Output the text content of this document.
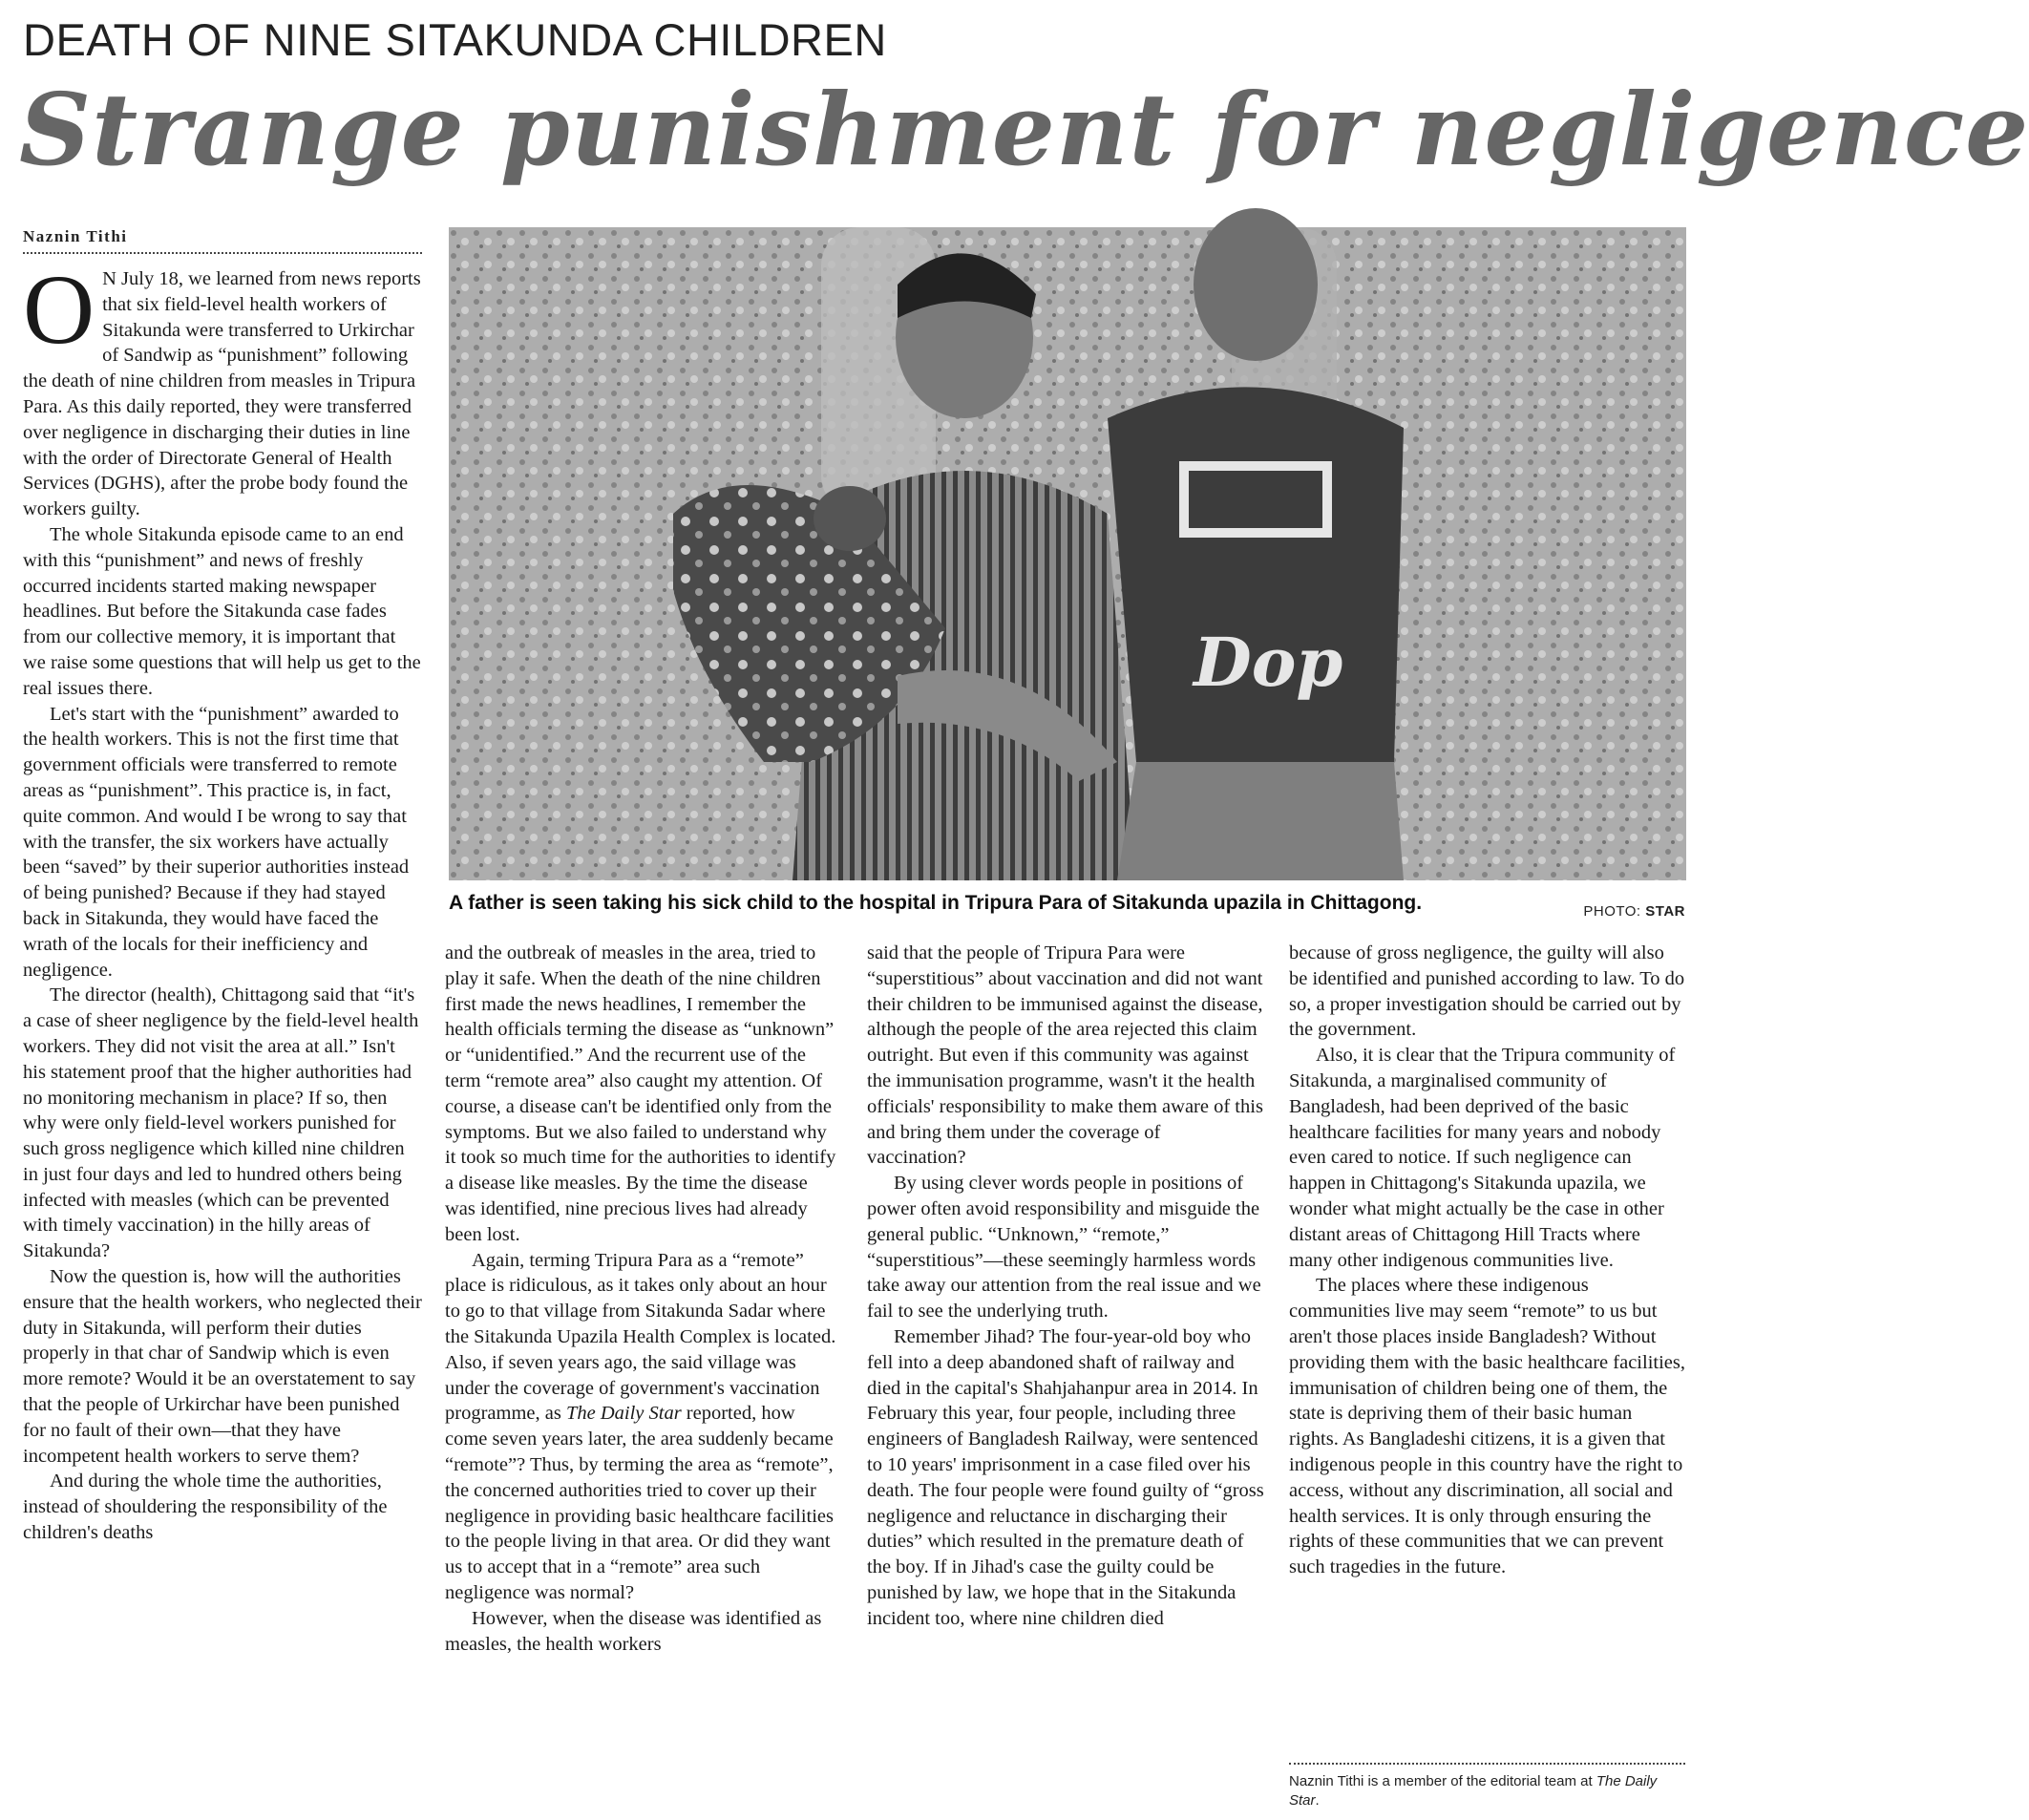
DEATH OF NINE SITAKUNDA CHILDREN
Strange punishment for negligence
Naznin Tithi
Dop
A father is seen taking his sick child to the hospital in Tripura Para of Sitakunda upazila in Chittagong.	PHOTO: STAR

O N July 18, we learned from news reports that six field-level health workers of Sitakunda were transferred to Urkirchar of Sandwip as “punishment” following the death of nine children from measles in Tripura Para. As this daily reported, they were transferred over negligence in discharging their duties in line with the order of Directorate General of Health Services (DGHS), after the probe body found the workers guilty.

The whole Sitakunda episode came to an end with this “punishment” and news of freshly occurred incidents started making newspaper headlines. But before the Sitakunda case fades from our collective memory, it is important that we raise some questions that will help us get to the real issues there.

Let's start with the “punishment” awarded to the health workers. This is not the first time that government officials were transferred to remote areas as “punishment”. This practice is, in fact, quite common. And would I be wrong to say that with the transfer, the six workers have actually been “saved” by their superior authorities instead of being punished? Because if they had stayed back in Sitakunda, they would have faced the wrath of the locals for their inefficiency and negligence.

The director (health), Chittagong said that “it's a case of sheer negligence by the field-level health workers. They did not visit the area at all.” Isn't his statement proof that the higher authorities had no monitoring mechanism in place? If so, then why were only field-level workers punished for such gross negligence which killed nine children in just four days and led to hundred others being infected with measles (which can be prevented with timely vaccination) in the hilly areas of Sitakunda?

Now the question is, how will the authorities ensure that the health workers, who neglected their duty in Sitakunda, will perform their duties properly in that char of Sandwip which is even more remote? Would it be an overstatement to say that the people of Urkirchar have been punished for no fault of their own—that they have incompetent health workers to serve them?

And during the whole time the authorities, instead of shouldering the responsibility of the children's deaths

and the outbreak of measles in the area, tried to play it safe. When the death of the nine children first made the news headlines, I remember the health officials terming the disease as “unknown” or “unidentified.” And the recurrent use of the term “remote area” also caught my attention. Of course, a disease can't be identified only from the symptoms. But we also failed to understand why it took so much time for the authorities to identify a disease like measles. By the time the disease was identified, nine precious lives had already been lost.

Again, terming Tripura Para as a “remote” place is ridiculous, as it takes only about an hour to go to that village from Sitakunda Sadar where the Sitakunda Upazila Health Complex is located. Also, if seven years ago, the said village was under the coverage of government's vaccination programme, as The Daily Star reported, how come seven years later, the area suddenly became “remote”? Thus, by terming the area as “remote”, the concerned authorities tried to cover up their negligence in providing basic healthcare facilities to the people living in that area. Or did they want us to accept that in a “remote” area such negligence was normal?

However, when the disease was identified as measles, the health workers

said that the people of Tripura Para were “superstitious” about vaccination and did not want their children to be immunised against the disease, although the people of the area rejected this claim outright. But even if this community was against the immunisation programme, wasn't it the health officials' responsibility to make them aware of this and bring them under the coverage of vaccination?

By using clever words people in positions of power often avoid responsibility and misguide the general public. “Unknown,” “remote,” “superstitious”—these seemingly harmless words take away our attention from the real issue and we fail to see the underlying truth.

Remember Jihad? The four-year-old boy who fell into a deep abandoned shaft of railway and died in the capital's Shahjahanpur area in 2014. In February this year, four people, including three engineers of Bangladesh Railway, were sentenced to 10 years' imprisonment in a case filed over his death. The four people were found guilty of “gross negligence and reluctance in discharging their duties” which resulted in the premature death of the boy. If in Jihad's case the guilty could be punished by law, we hope that in the Sitakunda incident too, where nine children died

because of gross negligence, the guilty will also be identified and punished according to law. To do so, a proper investigation should be carried out by the government.

Also, it is clear that the Tripura community of Sitakunda, a marginalised community of Bangladesh, had been deprived of the basic healthcare facilities for many years and nobody even cared to notice. If such negligence can happen in Chittagong's Sitakunda upazila, we wonder what might actually be the case in other distant areas of Chittagong Hill Tracts where many other indigenous communities live.

The places where these indigenous communities live may seem “remote” to us but aren't those places inside Bangladesh? Without providing them with the basic healthcare facilities, immunisation of children being one of them, the state is depriving them of their basic human rights. As Bangladeshi citizens, it is a given that indigenous people in this country have the right to access, without any discrimination, all social and health services. It is only through ensuring the rights of these communities that we can prevent such tragedies in the future.

Naznin Tithi is a member of the editorial team at The Daily Star.
